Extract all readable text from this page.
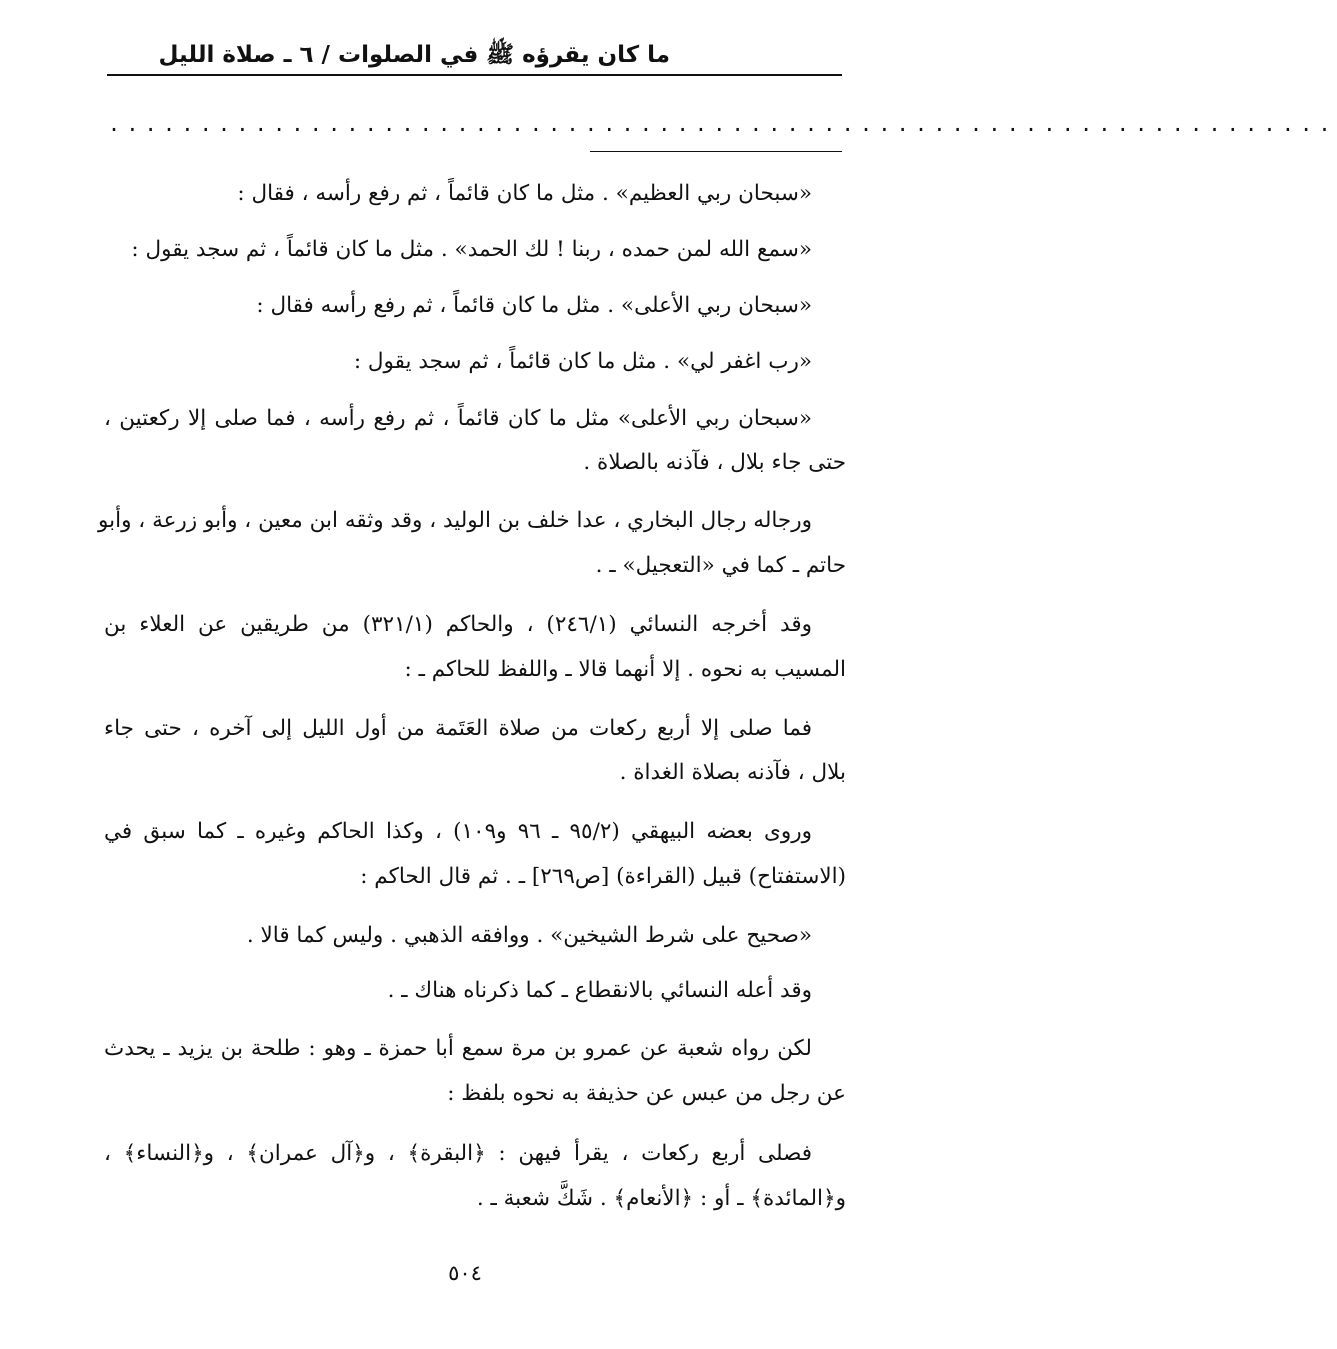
ما كان يقرؤه ﷺ في الصلوات / ٦ ـ صلاة الليل
...................................................................
«سبحان ربي العظيم» . مثل ما كان قائماً ، ثم رفع رأسه ، فقال :
«سمع الله لمن حمده ، ربنا ! لك الحمد» . مثل ما كان قائماً ، ثم سجد يقول :
«سبحان ربي الأعلى» . مثل ما كان قائماً ، ثم رفع رأسه فقال :
«رب اغفر لي» . مثل ما كان قائماً ، ثم سجد يقول :
«سبحان ربي الأعلى» مثل ما كان قائماً ، ثم رفع رأسه ، فما صلى إلا ركعتين ،
حتى جاء بلال ، فآذنه بالصلاة .
ورجاله رجال البخاري ، عدا خلف بن الوليد ، وقد وثقه ابن معين ، وأبو زرعة ، وأبو
حاتم ـ كما في «التعجيل» ـ .
وقد أخرجه النسائي (٢٤٦/١) ، والحاكم (٣٢١/١) من طريقين عن العلاء بن
المسيب به نحوه . إلا أنهما قالا ـ واللفظ للحاكم ـ :
فما صلى إلا أربع ركعات من صلاة العَتَمة من أول الليل إلى آخره ، حتى جاء
بلال ، فآذنه بصلاة الغداة .
وروى بعضه البيهقي (٩٥/٢ ـ ٩٦ و١٠٩) ، وكذا الحاكم وغيره ـ كما سبق في
(الاستفتاح) قبيل (القراءة) [ص٢٦٩] ـ . ثم قال الحاكم :
«صحيح على شرط الشيخين» . ووافقه الذهبي . وليس كما قالا .
وقد أعله النسائي بالانقطاع ـ كما ذكرناه هناك ـ .
لكن رواه شعبة عن عمرو بن مرة سمع أبا حمزة ـ وهو : طلحة بن يزيد ـ يحدث
عن رجل من عبس عن حذيفة به نحوه بلفظ :
فصلى أربع ركعات ، يقرأ فيهن : ﴿البقرة﴾ ، و﴿آل عمران﴾ ، و﴿النساء﴾ ،
و﴿المائدة﴾ ـ أو : ﴿الأنعام﴾ . شَكَّ شعبة ـ .
٥٠٤
